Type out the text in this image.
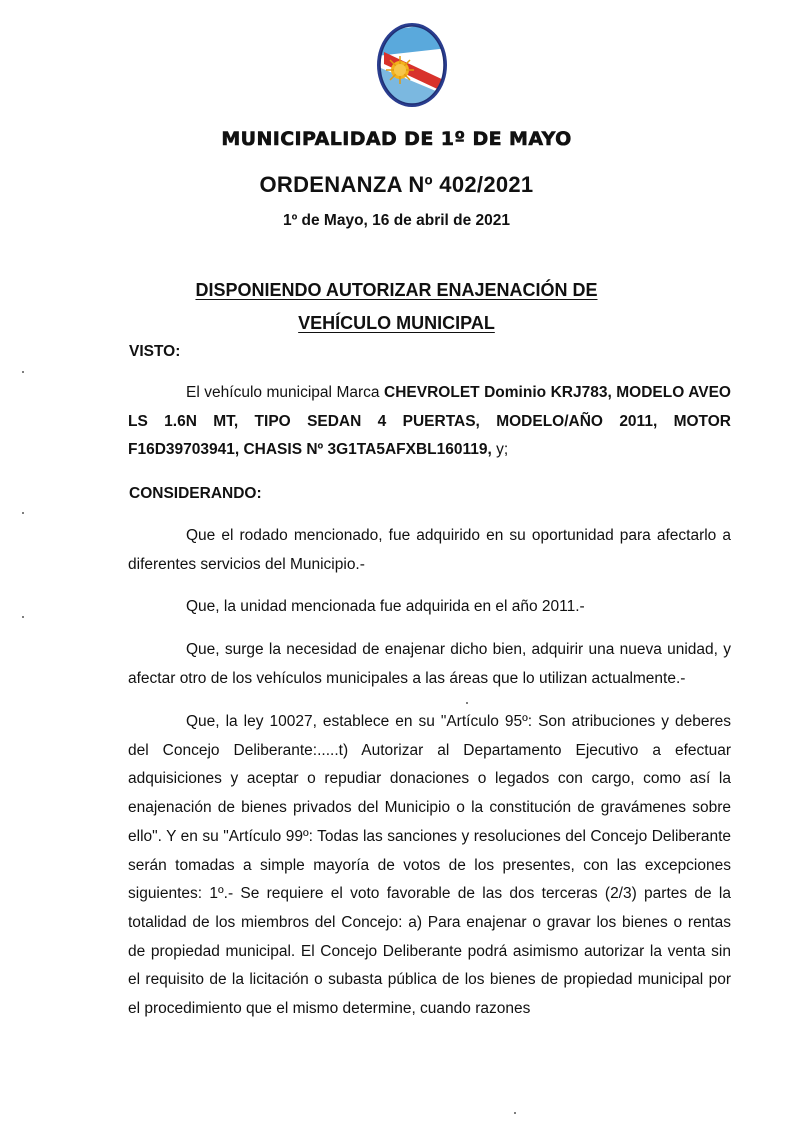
MUNICIPALIDAD DE 1º DE MAYO
ORDENANZA Nº 402/2021
1º de Mayo, 16 de abril de 2021
DISPONIENDO AUTORIZAR ENAJENACIÓN DE
VEHÍCULO MUNICIPAL
VISTO:

El vehículo municipal Marca CHEVROLET Dominio KRJ783, MODELO AVEO LS 1.6N MT, TIPO SEDAN 4 PUERTAS, MODELO/AÑO 2011, MOTOR F16D39703941, CHASIS Nº 3G1TA5AFXBL160119, y;

CONSIDERANDO:

Que el rodado mencionado, fue adquirido en su oportunidad para afectarlo a diferentes servicios del Municipio.-

Que, la unidad mencionada fue adquirida en el año 2011.-

Que, surge la necesidad de enajenar dicho bien, adquirir una nueva unidad, y afectar otro de los vehículos municipales a las áreas que lo utilizan actualmente.-

Que, la ley 10027, establece en su "Artículo 95º: Son atribuciones y deberes del Concejo Deliberante:.....t) Autorizar al Departamento Ejecutivo a efectuar adquisiciones y aceptar o repudiar donaciones o legados con cargo, como así la enajenación de bienes privados del Municipio o la constitución de gravámenes sobre ello". Y en su "Artículo 99º: Todas las sanciones y resoluciones del Concejo Deliberante serán tomadas a simple mayoría de votos de los presentes, con las excepciones siguientes: 1º.- Se requiere el voto favorable de las dos terceras (2/3) partes de la totalidad de los miembros del Concejo: a) Para enajenar o gravar los bienes o rentas de propiedad municipal. El Concejo Deliberante podrá asimismo autorizar la venta sin el requisito de la licitación o subasta pública de los bienes de propiedad municipal por el procedimiento que el mismo determine, cuando razones
